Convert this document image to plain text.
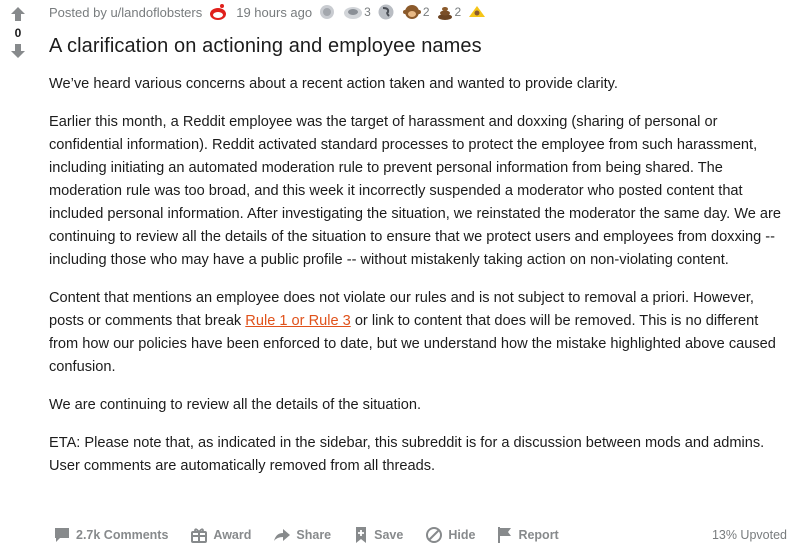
0
Posted by
u/landoflobsters	19 hours ago	3	2 2
A clarification on actioning and employee names

We’ve heard various concerns about a recent action taken and wanted to provide clarity.

Earlier this month, a Reddit employee was the target of harassment and doxxing (sharing of personal or confidential information). Reddit activated standard processes to protect the employee from such harassment, including initiating an automated moderation rule to prevent personal information from being shared. The moderation rule was too broad, and this week it incorrectly suspended a moderator who posted content that included personal information. After investigating the situation, we reinstated the moderator the same day. We are continuing to review all the details of the situation to ensure that we protect users and employees from doxxing -- including those who may have a public profile -- without mistakenly taking action on non-violating content.

Content that mentions an employee does not violate our rules and is not subject to removal a priori. However, posts or comments that break Rule 1 or Rule 3 or link to content that does will be removed. This is no different from how our policies have been enforced to date, but we understand how the mistake highlighted above caused confusion.

We are continuing to review all the details of the situation.

ETA: Please note that, as indicated in the sidebar, this subreddit is for a discussion between mods and admins. User comments are automatically removed from all threads.

2.7k Comments	Award	Share	Save	Hide	Report	13% Upvoted
